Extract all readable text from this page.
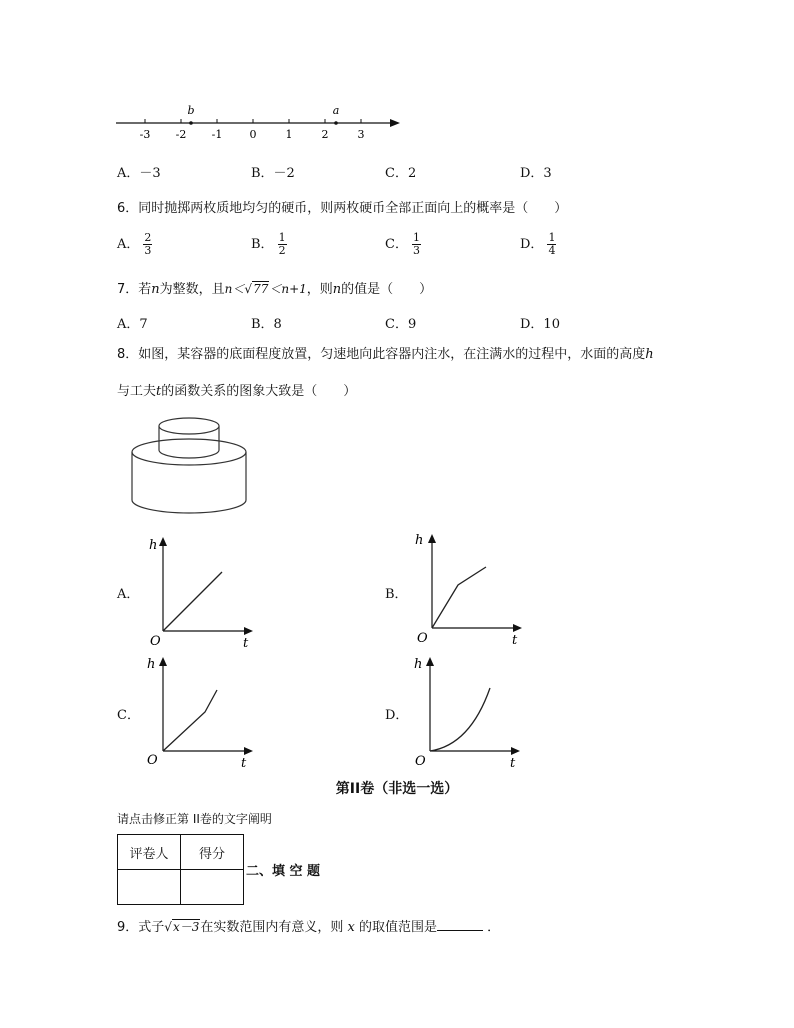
-3 -2 -1 0	1	2	3
b	a
A．－3	B．－2	C．2	D．3
6．同时抛掷两枚质地均匀的硬币，则两枚硬币全部正面向上的概率是（　　）
A． $\frac{2}{3}$	B． $\frac{1}{2}$	C． $\frac{1}{3}$	D． $\frac{1}{4}$
7．若n为整数，且n＜√77＜n+1，则n的值是（　　）
A．7	B．8	C．9	D．10
8．如图，某容器的底面程度放置，匀速地向此容器内注水，在注满水的过程中，水面的高度h
与工夫t的函数关系的图象大致是（　　）
A．
h
t
O
B．
h
t
O
C．
h
t
O
D．
h
t
O
第II卷（非选一选）
请点击修正第 II卷的文字阐明
评卷人	得分

二、填 空 题
9．式子√x－3在实数范围内有意义，则 x 的取值范围是	．
